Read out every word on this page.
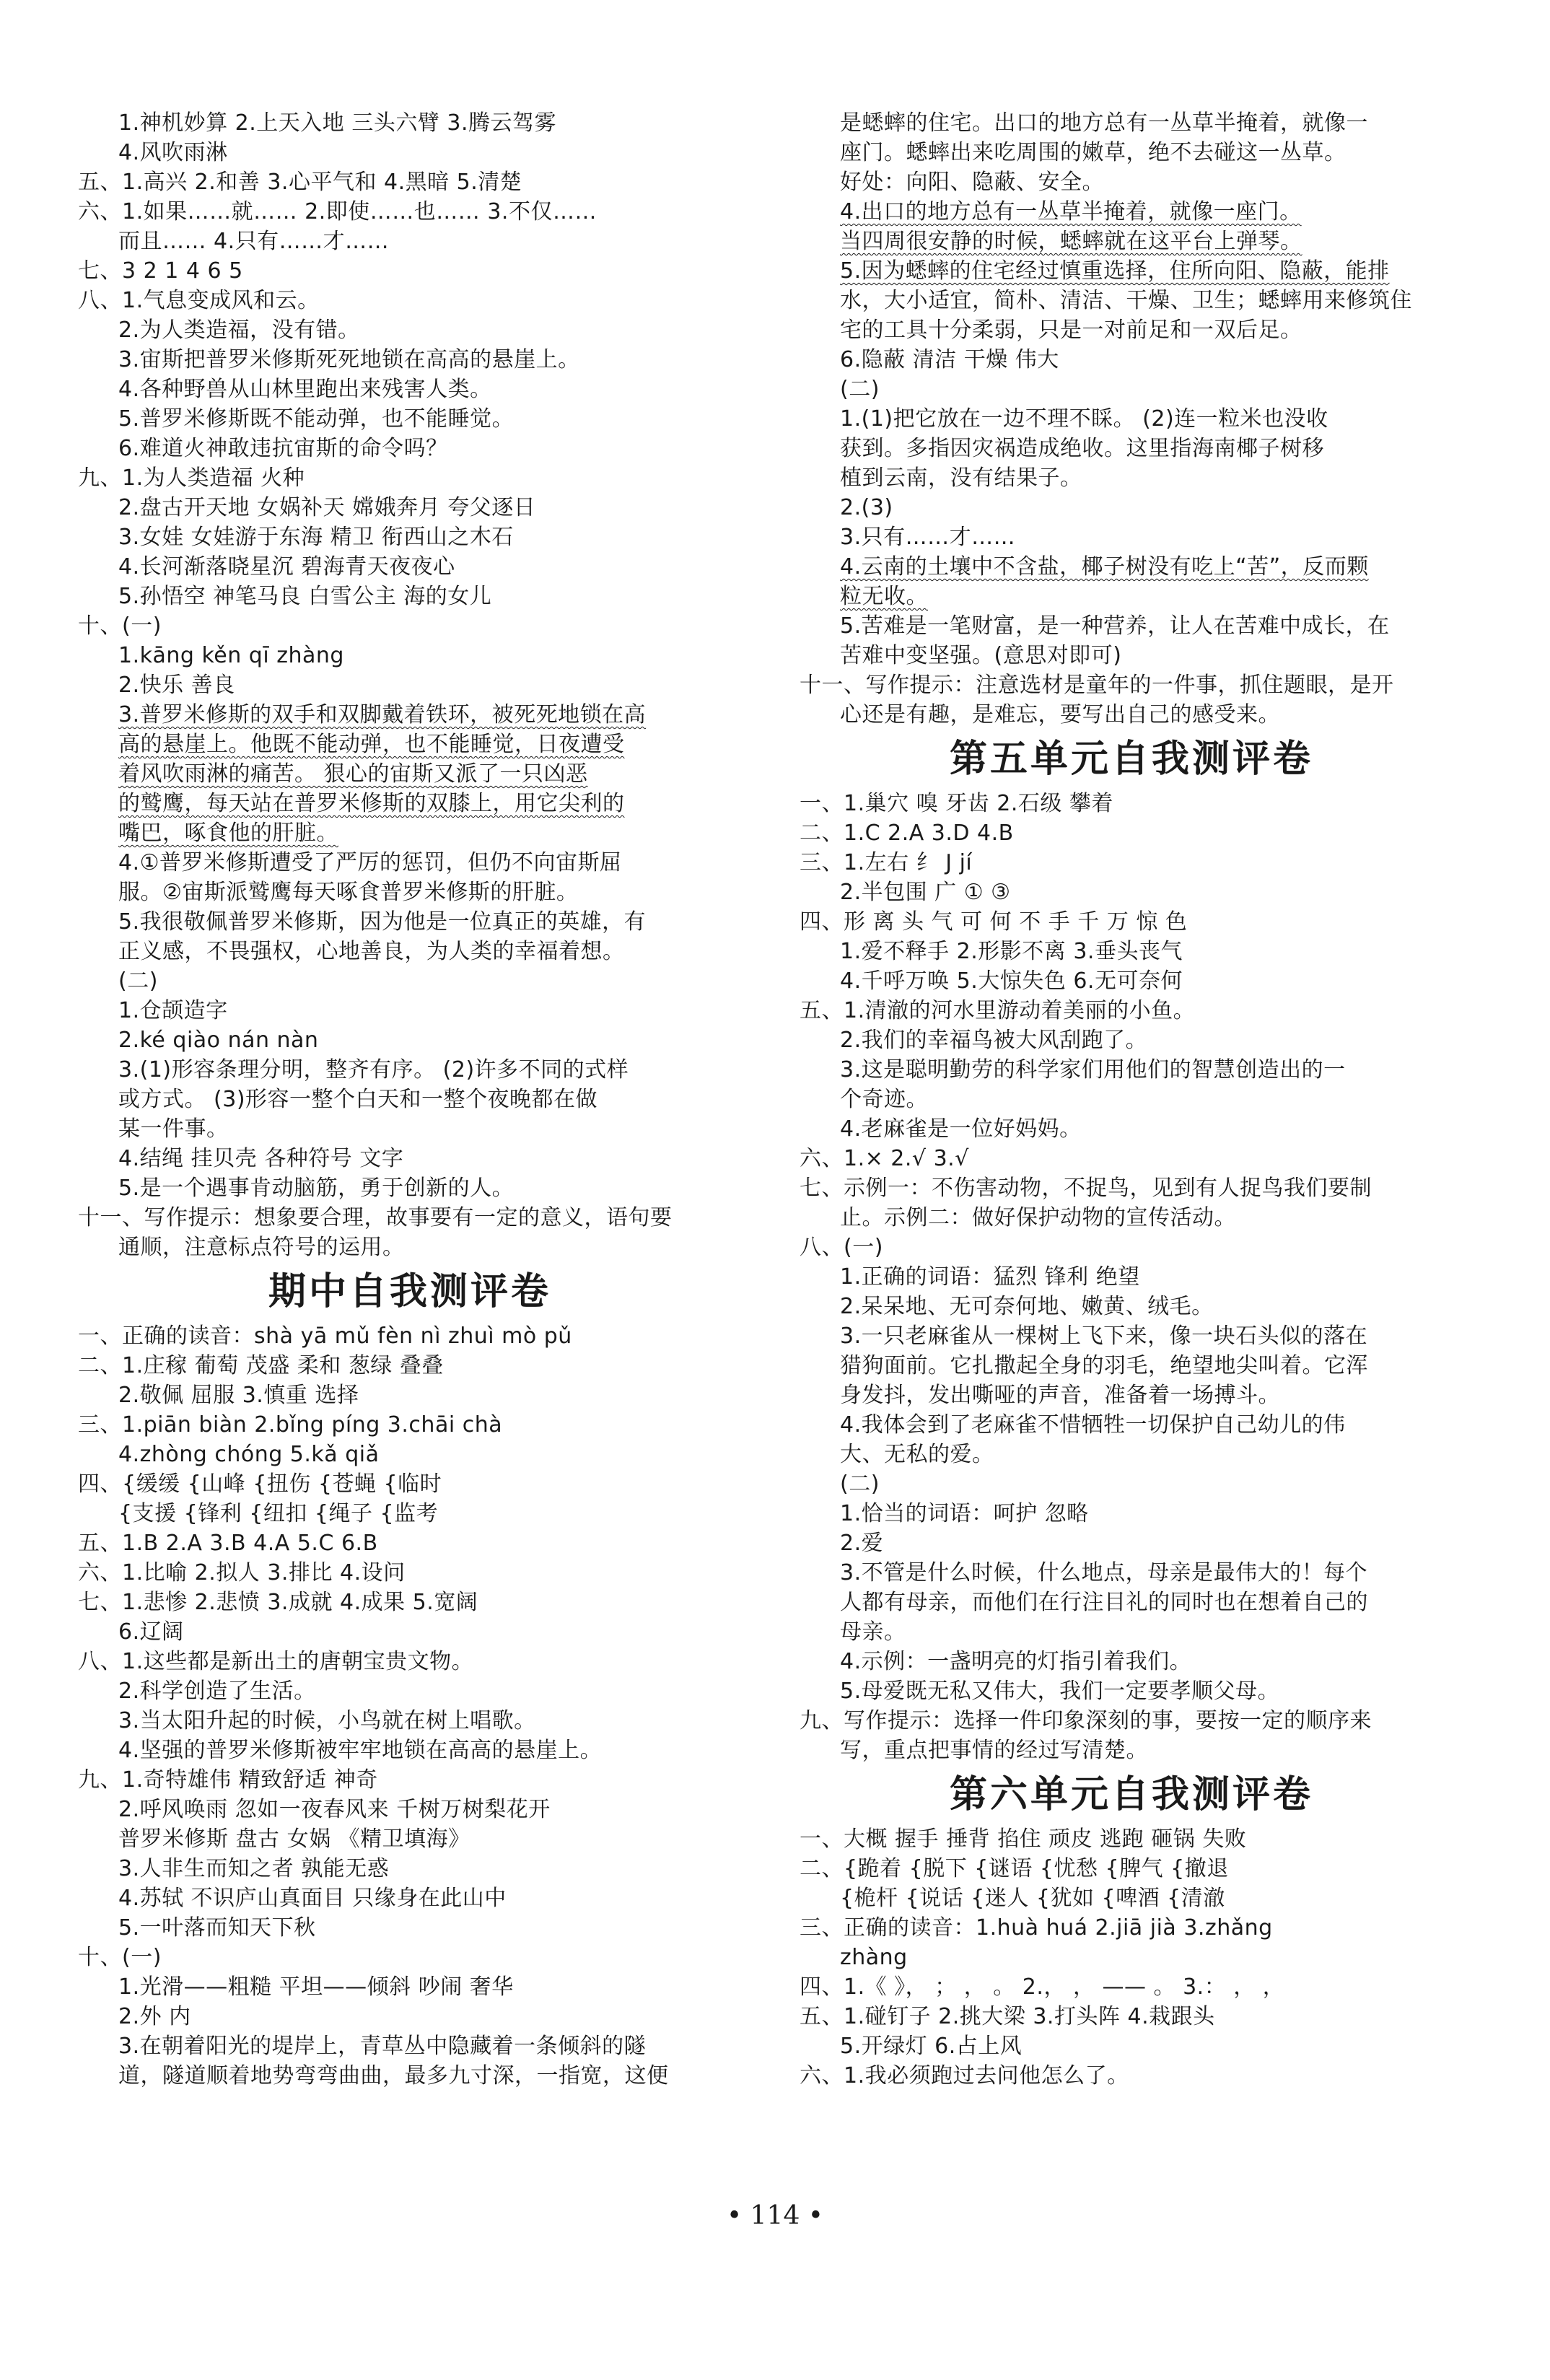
1.神机妙算 2.上天入地 三头六臂 3.腾云驾雾
4.风吹雨淋
五、1.高兴 2.和善 3.心平气和 4.黑暗 5.清楚
六、1.如果……就…… 2.即使……也…… 3.不仅……
而且…… 4.只有……才……
七、3 2 1 4 6 5
八、1.气息变成风和云。
2.为人类造福，没有错。
3.宙斯把普罗米修斯死死地锁在高高的悬崖上。
4.各种野兽从山林里跑出来残害人类。
5.普罗米修斯既不能动弹，也不能睡觉。
6.难道火神敢违抗宙斯的命令吗？
九、1.为人类造福 火种
2.盘古开天地 女娲补天 嫦娥奔月 夸父逐日
3.女娃 女娃游于东海 精卫 衔西山之木石
4.长河渐落晓星沉 碧海青天夜夜心
5.孙悟空 神笔马良 白雪公主 海的女儿
十、(一)
1.kāng kěn qī zhàng
2.快乐 善良
3.普罗米修斯的双手和双脚戴着铁环，被死死地锁在高
高的悬崖上。他既不能动弹，也不能睡觉，日夜遭受
着风吹雨淋的痛苦。 狠心的宙斯又派了一只凶恶
的鹫鹰，每天站在普罗米修斯的双膝上，用它尖利的
嘴巴，啄食他的肝脏。
4.①普罗米修斯遭受了严厉的惩罚，但仍不向宙斯屈
服。②宙斯派鹫鹰每天啄食普罗米修斯的肝脏。
5.我很敬佩普罗米修斯，因为他是一位真正的英雄，有
正义感，不畏强权，心地善良，为人类的幸福着想。
(二)
1.仓颉造字
2.ké qiào nán nàn
3.(1)形容条理分明，整齐有序。 (2)许多不同的式样
或方式。 (3)形容一整个白天和一整个夜晚都在做
某一件事。
4.结绳 挂贝壳 各种符号 文字
5.是一个遇事肯动脑筋，勇于创新的人。
十一、写作提示：想象要合理，故事要有一定的意义，语句要
通顺，注意标点符号的运用。
期中自我测评卷
一、正确的读音：shà yā mǔ fèn nì zhuì mò pǔ
二、1.庄稼 葡萄 茂盛 柔和 葱绿 叠叠
2.敬佩 屈服 3.慎重 选择
三、1.piān biàn 2.bǐng píng 3.chāi chà
4.zhòng chóng 5.kǎ qiǎ
四、{缓缓 {山峰 {扭伤 {苍蝇 {临时
{支援 {锋利 {纽扣 {绳子 {监考
五、1.B 2.A 3.B 4.A 5.C 6.B
六、1.比喻 2.拟人 3.排比 4.设问
七、1.悲惨 2.悲愤 3.成就 4.成果 5.宽阔
6.辽阔
八、1.这些都是新出土的唐朝宝贵文物。
2.科学创造了生活。
3.当太阳升起的时候，小鸟就在树上唱歌。
4.坚强的普罗米修斯被牢牢地锁在高高的悬崖上。
九、1.奇特雄伟 精致舒适 神奇
2.呼风唤雨 忽如一夜春风来 千树万树梨花开
普罗米修斯 盘古 女娲 《精卫填海》
3.人非生而知之者 孰能无惑
4.苏轼 不识庐山真面目 只缘身在此山中
5.一叶落而知天下秋
十、(一)
1.光滑——粗糙 平坦——倾斜 吵闹 奢华
2.外 内
3.在朝着阳光的堤岸上，青草丛中隐藏着一条倾斜的隧
道，隧道顺着地势弯弯曲曲，最多九寸深，一指宽，这便
是蟋蟀的住宅。出口的地方总有一丛草半掩着，就像一
座门。蟋蟀出来吃周围的嫩草，绝不去碰这一丛草。
好处：向阳、隐蔽、安全。
4.出口的地方总有一丛草半掩着，就像一座门。
当四周很安静的时候，蟋蟀就在这平台上弹琴。
5.因为蟋蟀的住宅经过慎重选择，住所向阳、隐蔽，能排
水，大小适宜，简朴、清洁、干燥、卫生；蟋蟀用来修筑住
宅的工具十分柔弱，只是一对前足和一双后足。
6.隐蔽 清洁 干燥 伟大
(二)
1.(1)把它放在一边不理不睬。 (2)连一粒米也没收
获到。多指因灾祸造成绝收。这里指海南椰子树移
植到云南，没有结果子。
2.(3)
3.只有……才……
4.云南的土壤中不含盐，椰子树没有吃上“苦”，反而颗
粒无收。
5.苦难是一笔财富，是一种营养，让人在苦难中成长，在
苦难中变坚强。(意思对即可)
十一、写作提示：注意选材是童年的一件事，抓住题眼，是开
心还是有趣，是难忘，要写出自己的感受来。
第五单元自我测评卷
一、1.巢穴 嗅 牙齿 2.石级 攀着
二、1.C 2.A 3.D 4.B
三、1.左右 纟 J jí
2.半包围 广 ① ③
四、形 离 头 气 可 何 不 手 千 万 惊 色
1.爱不释手 2.形影不离 3.垂头丧气
4.千呼万唤 5.大惊失色 6.无可奈何
五、1.清澈的河水里游动着美丽的小鱼。
2.我们的幸福鸟被大风刮跑了。
3.这是聪明勤劳的科学家们用他们的智慧创造出的一
个奇迹。
4.老麻雀是一位好妈妈。
六、1.× 2.√ 3.√
七、示例一：不伤害动物，不捉鸟，见到有人捉鸟我们要制
止。示例二：做好保护动物的宣传活动。
八、(一)
1.正确的词语：猛烈 锋利 绝望
2.呆呆地、无可奈何地、嫩黄、绒毛。
3.一只老麻雀从一棵树上飞下来，像一块石头似的落在
猎狗面前。它扎撒起全身的羽毛，绝望地尖叫着。它浑
身发抖，发出嘶哑的声音，准备着一场搏斗。
4.我体会到了老麻雀不惜牺牲一切保护自己幼儿的伟
大、无私的爱。
(二)
1.恰当的词语：呵护 忽略
2.爱
3.不管是什么时候，什么地点，母亲是最伟大的！每个
人都有母亲，而他们在行注目礼的同时也在想着自己的
母亲。
4.示例：一盏明亮的灯指引着我们。
5.母爱既无私又伟大，我们一定要孝顺父母。
九、写作提示：选择一件印象深刻的事，要按一定的顺序来
写，重点把事情的经过写清楚。
第六单元自我测评卷
一、大概 握手 捶背 掐住 顽皮 逃跑 砸锅 失败
二、{跪着 {脱下 {谜语 {忧愁 {脾气 {撤退
{桅杆 {说话 {迷人 {犹如 {啤酒 {清澈
三、正确的读音：1.huà huá 2.jiā jià 3.zhǎng
zhàng
四、1.《 》， ； ， 。 2.， ， —— 。 3.： ， ，
五、1.碰钉子 2.挑大梁 3.打头阵 4.栽跟头
5.开绿灯 6.占上风
六、1.我必须跑过去问他怎么了。
• 114 •
